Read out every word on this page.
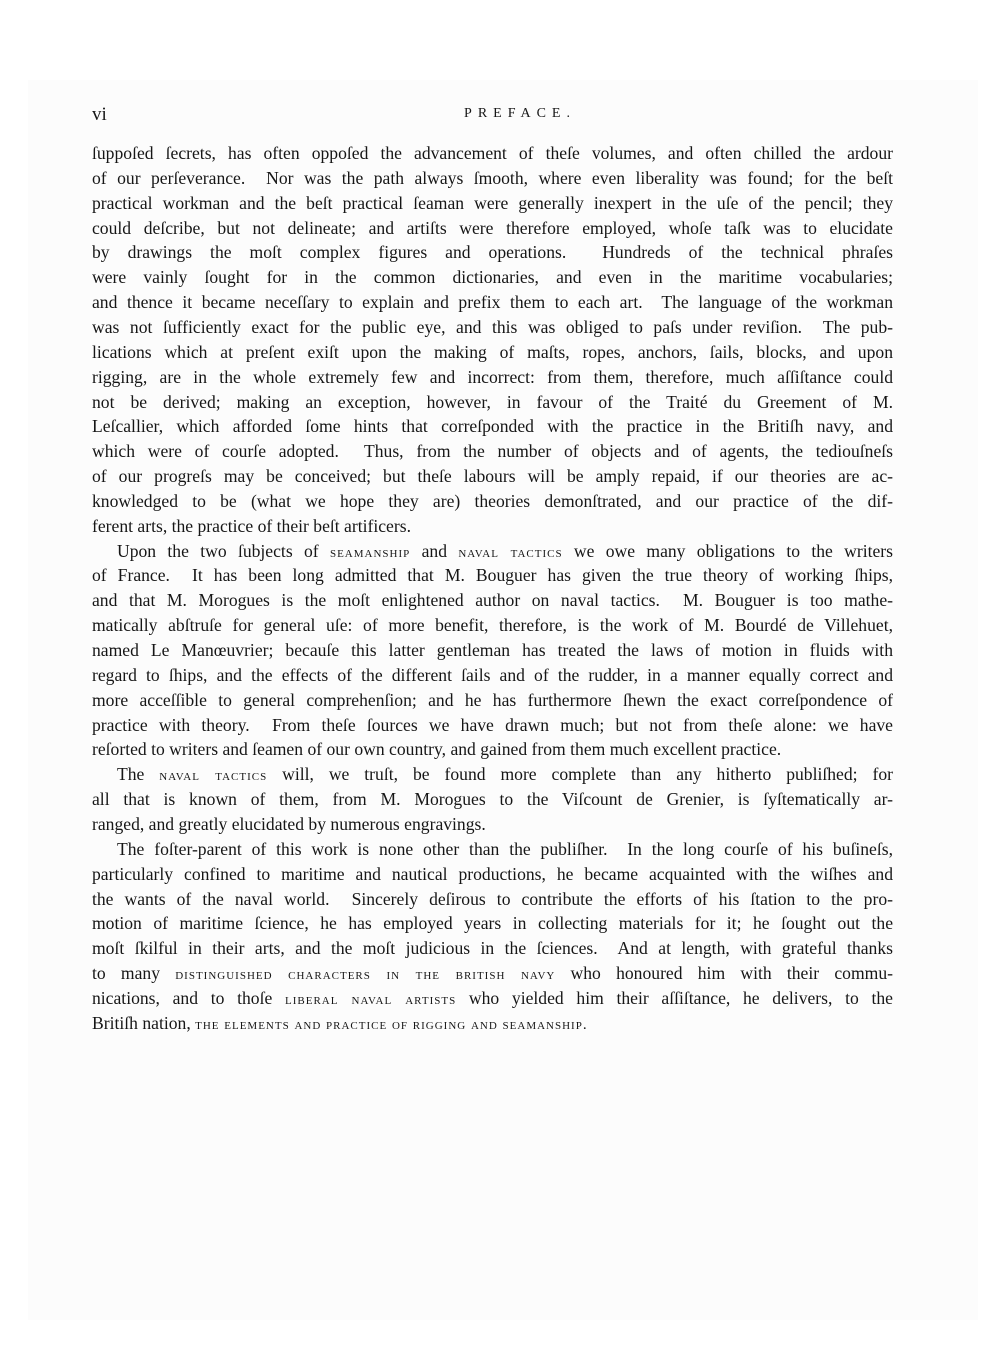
vi	PREFACE.
ſuppoſed ſecrets, has often oppoſed the advancement of theſe volumes, and often chilled the ardour
of our perſeverance.  Nor was the path always ſmooth, where even liberality was found; for the beſt
practical workman and the beſt practical ſeaman were generally inexpert in the uſe of the pencil; they
could deſcribe, but not delineate; and artiſts were therefore employed, whoſe taſk was to elucidate
by drawings the moſt complex figures and operations.  Hundreds of the technical phraſes
were vainly ſought for in the common dictionaries, and even in the maritime vocabularies;
and thence it became neceſſary to explain and prefix them to each art.  The language of the workman
was not ſufficiently exact for the public eye, and this was obliged to paſs under reviſion.  The pub-
lications which at preſent exiſt upon the making of maſts, ropes, anchors, ſails, blocks, and upon
rigging, are in the whole extremely few and incorrect: from them, therefore, much aſſiſtance could
not be derived; making an exception, however, in favour of the Traité du Greement of M.
Leſcallier, which afforded ſome hints that correſponded with the practice in the Britiſh navy, and
which were of courſe adopted.  Thus, from the number of objects and of agents, the tediouſneſs
of our progreſs may be conceived; but theſe labours will be amply repaid, if our theories are ac-
knowledged to be (what we hope they are) theories demonſtrated, and our practice of the dif-
ferent arts, the practice of their beſt artificers.
Upon the two ſubjects of seamanship and naval tactics we owe many obligations to the writers
of France.  It has been long admitted that M. Bouguer has given the true theory of working ſhips,
and that M. Morogues is the moſt enlightened author on naval tactics.  M. Bouguer is too mathe-
matically abſtruſe for general uſe: of more benefit, therefore, is the work of M. Bourdé de Villehuet,
named Le Manœuvrier; becauſe this latter gentleman has treated the laws of motion in fluids with
regard to ſhips, and the effects of the different ſails and of the rudder, in a manner equally correct and
more acceſſible to general comprehenſion; and he has furthermore ſhewn the exact correſpondence of
practice with theory.  From theſe ſources we have drawn much; but not from theſe alone: we have
reſorted to writers and ſeamen of our own country, and gained from them much excellent practice.
The naval tactics will, we truſt, be found more complete than any hitherto publiſhed; for
all that is known of them, from M. Morogues to the Viſcount de Grenier, is ſyſtematically ar-
ranged, and greatly elucidated by numerous engravings.
The foſter-parent of this work is none other than the publiſher.  In the long courſe of his buſineſs,
particularly confined to maritime and nautical productions, he became acquainted with the wiſhes and
the wants of the naval world.  Sincerely deſirous to contribute the efforts of his ſtation to the pro-
motion of maritime ſcience, he has employed years in collecting materials for it; he ſought out the
moſt ſkilful in their arts, and the moſt judicious in the ſciences.  And at length, with grateful thanks
to many distinguished characters in the british navy who honoured him with their commu-
nications, and to thoſe liberal naval artists who yielded him their aſſiſtance, he delivers, to the
Britiſh nation, the elements and practice of rigging and seamanship.
